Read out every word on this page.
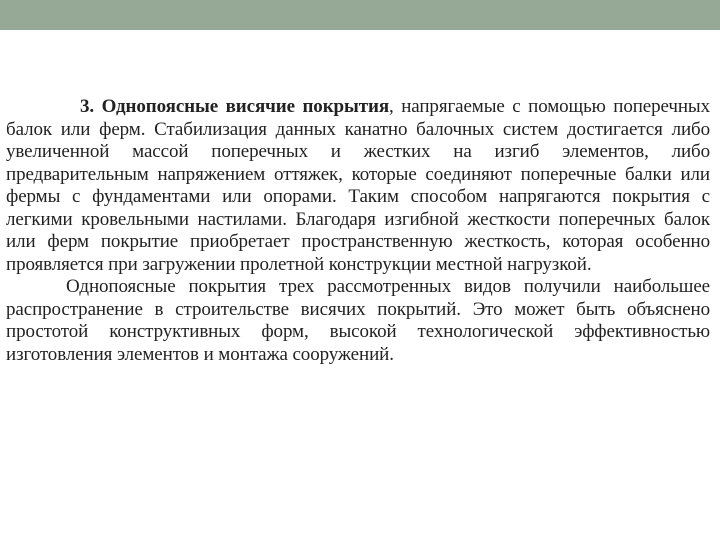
3. Однопоясные висячие покрытия, напрягаемые с помощью поперечных балок или ферм. Стабилизация данных канатно балочных систем достигается либо увеличенной массой поперечных и жестких на изгиб элементов, либо предварительным напряжением оттяжек, которые соединяют поперечные балки или фермы с фундаментами или опорами. Таким способом напрягаются покрытия с легкими кровельными настилами. Благодаря изгибной жесткости поперечных балок или ферм покрытие приобретает пространственную жесткость, которая особенно проявляется при загружении пролетной конструкции местной нагрузкой.

Однопоясные покрытия трех рассмотренных видов получили наибольшее распространение в строительстве висячих покрытий. Это может быть объяснено простотой конструктивных форм, высокой технологической эффективностью изготовления элементов и монтажа сооружений.
